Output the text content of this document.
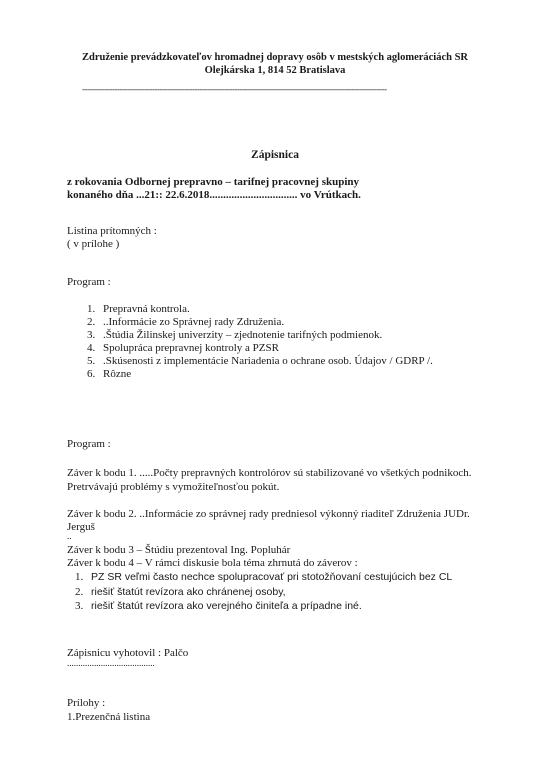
Združenie prevádzkovateľov hromadnej dopravy osôb v mestských aglomeráciách SR
Olejkárska 1, 814 52 Bratislava
--------------------------------------------------------------------------------------------------------------------------
Zápisnica
z rokovania Odbornej prepravno – tarifnej pracovnej skupiny
konaného dňa ...21:: 22.6.2018................................ vo Vrútkach.
Listina prítomných :
( v prílohe )
Program :
1. Prepravná kontrola.
2. ..Informácie zo Správnej rady Združenia.
3. .Štúdia Žilinskej univerzity – zjednotenie tarifných podmienok.
4. Spolupráca prepravnej kontroly a PZSR
5. .Skúsenosti z implementácie Nariadenia o ochrane osob. Údajov / GDRP /.
6. Rôzne
Program :
Záver k bodu 1. .....Počty prepravných kontrolórov sú stabilizované vo všetkých podnikoch.
Pretrvávajú problémy s vymožiteľnosťou pokút.
Záver k bodu 2. ..Informácie zo správnej rady predniesol výkonný riaditeľ Združenia JUDr.
Jerguš
..
Záver k bodu 3 – Štúdiu prezentoval Ing. Popluhár
Záver k bodu 4 – V rámci diskusie bola téma zhrnutá do záverov :
1. PZ SR veľmi často nechce spolupracovať pri stotožňovaní cestujúcich bez CL
2. riešiť štatút revízora ako chránenej osoby,
3. riešiť štatút revízora ako verejného činiteľa a prípadne iné.
Zápisnicu vyhotovil : Palčo
.......................................
Prílohy :
1.Prezenčná listina
